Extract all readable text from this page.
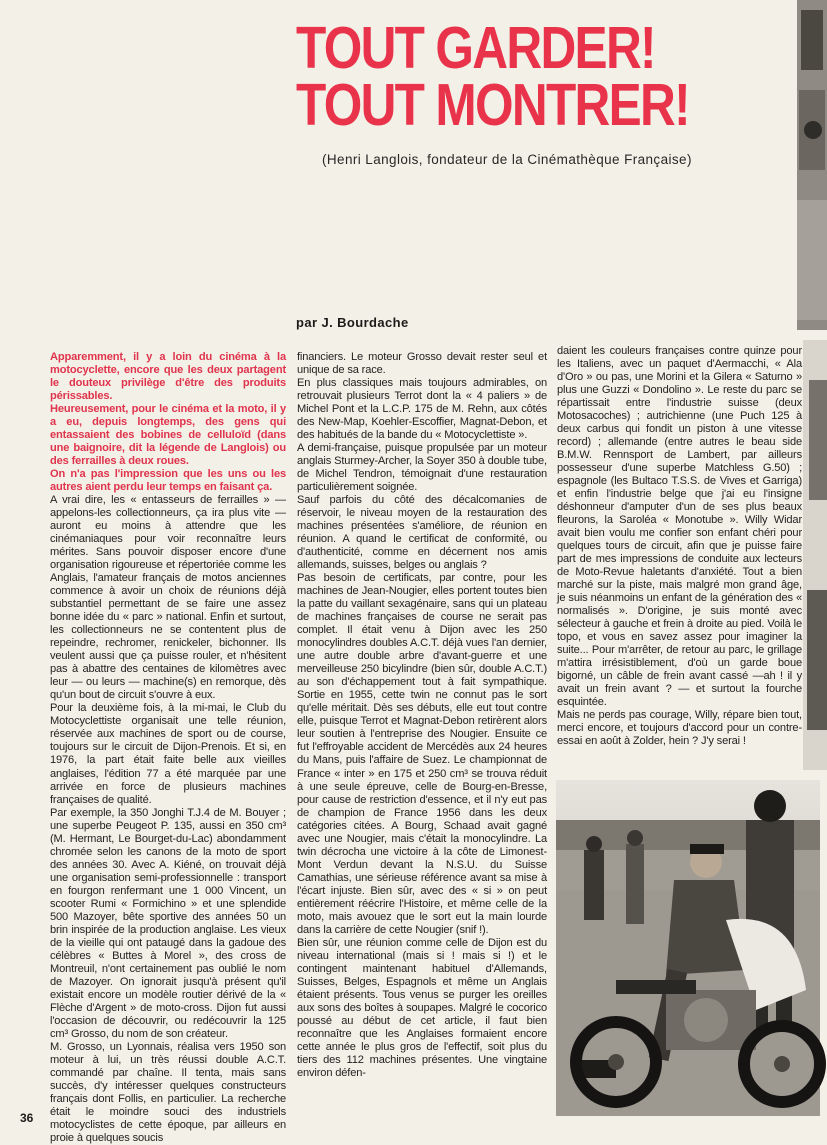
TOUT GARDER!
TOUT MONTRER!
(Henri Langlois, fondateur de la Cinémathèque Française)
par J. Bourdache

Apparemment, il y a loin du cinéma à la motocyclette, encore que les deux partagent le douteux privilège d'être des produits périssables.
Heureusement, pour le cinéma et la moto, il y a eu, depuis longtemps, des gens qui entassaient des bobines de celluloïd (dans une baignoire, dit la légende de Langlois) ou des ferrailles à deux roues.
On n'a pas l'impression que les uns ou les autres aient perdu leur temps en faisant ça.

A vrai dire, les « entasseurs de ferrailles » — appelons-les collectionneurs, ça ira plus vite — auront eu moins à attendre que les cinémaniaques pour voir reconnaître leurs mérites. Sans pouvoir disposer encore d'une organisation rigoureuse et répertoriée comme les Anglais, l'amateur français de motos anciennes commence à avoir un choix de réunions déjà substantiel permettant de se faire une assez bonne idée du « parc » national. Enfin et surtout, les collectionneurs ne se contentent plus de repeindre, rechromer, renickeler, bichonner. Ils veulent aussi que ça puisse rouler, et n'hésitent pas à abattre des centaines de kilomètres avec leur — ou leurs — machine(s) en remorque, dès qu'un bout de circuit s'ouvre à eux.
Pour la deuxième fois, à la mi-mai, le Club du Motocyclettiste organisait une telle réunion, réservée aux machines de sport ou de course, toujours sur le circuit de Dijon-Prenois. Et si, en 1976, la part était faite belle aux vieilles anglaises, l'édition 77 a été marquée par une arrivée en force de plusieurs machines françaises de qualité.
Par exemple, la 350 Jonghi T.J.4 de M. Bouyer ; une superbe Peugeot P. 135, aussi en 350 cm³ (M. Hermant, Le Bourget-du-Lac) abondamment chromée selon les canons de la moto de sport des années 30. Avec A. Kiéné, on trouvait déjà une organisation semi-professionnelle : transport en fourgon renfermant une 1 000 Vincent, un scooter Rumi « Formichino » et une splendide 500 Mazoyer, bête sportive des années 50 un brin inspirée de la production anglaise. Les vieux de la vieille qui ont pataugé dans la gadoue des célèbres « Buttes à Morel », des cross de Montreuil, n'ont certainement pas oublié le nom de Mazoyer. On ignorait jusqu'à présent qu'il existait encore un modèle routier dérivé de la « Flèche d'Argent » de moto-cross. Dijon fut aussi l'occasion de découvrir, ou redécouvrir la 125 cm³ Grosso, du nom de son créateur.
M. Grosso, un Lyonnais, réalisa vers 1950 son moteur à lui, un très réussi double A.C.T. commandé par chaîne. Il tenta, mais sans succès, d'y intéresser quelques constructeurs français dont Follis, en particulier. La recherche était le moindre souci des industriels motocyclistes de cette époque, par ailleurs en proie à quelques soucis

financiers. Le moteur Grosso devait rester seul et unique de sa race.
En plus classiques mais toujours admirables, on retrouvait plusieurs Terrot dont la « 4 paliers » de Michel Pont et la L.C.P. 175 de M. Rehn, aux côtés des New-Map, Koehler-Escoffier, Magnat-Debon, et des habitués de la bande du « Motocyclettiste ».
A demi-française, puisque propulsée par un moteur anglais Sturmey-Archer, la Soyer 350 à double tube, de Michel Tendron, témoignait d'une restauration particulièrement soignée.
Sauf parfois du côté des décalcomanies de réservoir, le niveau moyen de la restauration des machines présentées s'améliore, de réunion en réunion. A quand le certificat de conformité, ou d'authenticité, comme en décernent nos amis allemands, suisses, belges ou anglais ?
Pas besoin de certificats, par contre, pour les machines de Jean-Nougier, elles portent toutes bien la patte du vaillant sexagénaire, sans qui un plateau de machines françaises de course ne serait pas complet. Il était venu à Dijon avec les 250 monocylindres doubles A.C.T. déjà vues l'an dernier, une autre double arbre d'avant-guerre et une merveilleuse 250 bicylindre (bien sûr, double A.C.T.) au son d'échappement tout à fait sympathique. Sortie en 1955, cette twin ne connut pas le sort qu'elle méritait. Dès ses débuts, elle eut tout contre elle, puisque Terrot et Magnat-Debon retirèrent alors leur soutien à l'entreprise des Nougier. Ensuite ce fut l'effroyable accident de Mercédès aux 24 heures du Mans, puis l'affaire de Suez. Le championnat de France « inter » en 175 et 250 cm³ se trouva réduit à une seule épreuve, celle de Bourg-en-Bresse, pour cause de restriction d'essence, et il n'y eut pas de champion de France 1956 dans les deux catégories citées. A Bourg, Schaad avait gagné avec une Nougier, mais c'était la monocylindre. La twin décrocha une victoire à la côte de Limonest-Mont Verdun devant la N.S.U. du Suisse Camathias, une sérieuse référence avant sa mise à l'écart injuste. Bien sûr, avec des « si » on peut entièrement réécrire l'Histoire, et même celle de la moto, mais avouez que le sort eut la main lourde dans la carrière de cette Nougier (snif !).
Bien sûr, une réunion comme celle de Dijon est du niveau international (mais si ! mais si !) et le contingent maintenant habituel d'Allemands, Suisses, Belges, Espagnols et même un Anglais étaient présents. Tous venus se purger les oreilles aux sons des boîtes à soupapes. Malgré le cocorico poussé au début de cet article, il faut bien reconnaître que les Anglaises formaient encore cette année le plus gros de l'effectif, soit plus du tiers des 112 machines présentes. Une vingtaine environ défen-

daient les couleurs françaises contre quinze pour les Italiens, avec un paquet d'Aermacchi, « Ala d'Oro » ou pas, une Morini et la Gilera « Saturno » plus une Guzzi « Dondolino ». Le reste du parc se répartissait entre l'industrie suisse (deux Motosacoches) ; autrichienne (une Puch 125 à deux carbus qui fondit un piston à une vitesse record) ; allemande (entre autres le beau side B.M.W. Rennsport de Lambert, par ailleurs possesseur d'une superbe Matchless G.50) ; espagnole (les Bultaco T.S.S. de Vives et Garriga) et enfin l'industrie belge que j'ai eu l'insigne déshonneur d'amputer d'un de ses plus beaux fleurons, la Saroléa « Monotube ». Willy Widar avait bien voulu me confier son enfant chéri pour quelques tours de circuit, afin que je puisse faire part de mes impressions de conduite aux lecteurs de Moto-Revue haletants d'anxiété. Tout a bien marché sur la piste, mais malgré mon grand âge, je suis néanmoins un enfant de la génération des « normalisés ». D'origine, je suis monté avec sélecteur à gauche et frein à droite au pied. Voilà le topo, et vous en savez assez pour imaginer la suite... Pour m'arrêter, de retour au parc, le grillage m'attira irrésistiblement, d'où un garde boue bigorné, un câble de frein avant cassé —ah ! il y avait un frein avant ? — et surtout la fourche esquintée.
Mais ne perds pas courage, Willy, répare bien tout, merci encore, et toujours d'accord pour un contre-essai en août à Zolder, hein ? J'y serai !

36
